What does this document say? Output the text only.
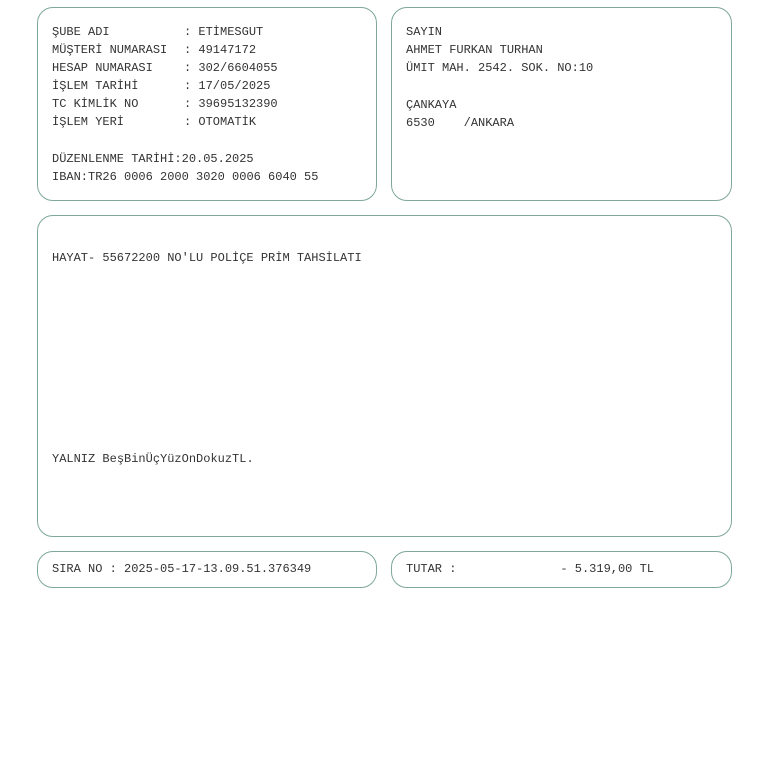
ŞUBE ADI	: ETİMESGUT
MÜŞTERİ NUMARASI : 49147172
HESAP NUMARASI	: 302/6604055
İŞLEM TARİHİ	: 17/05/2025
TC KİMLİK NO	: 39695132390
İŞLEM YERİ	: OTOMATİK
DÜZENLENME TARİHİ:20.05.2025
IBAN:TR26 0006 2000 3020 0006 6040 55
SAYIN
AHMET FURKAN TURHAN
ÜMIT MAH. 2542. SOK. NO:10
ÇANKAYA
6530 /ANKARA
HAYAT- 55672200 NO'LU POLİÇE PRİM TAHSİLATI
YALNIZ BeşBinÜçYüzOnDokuzTL.
SIRA NO : 2025-05-17-13.09.51.376349	TUTAR :	- 5.319,00 TL
